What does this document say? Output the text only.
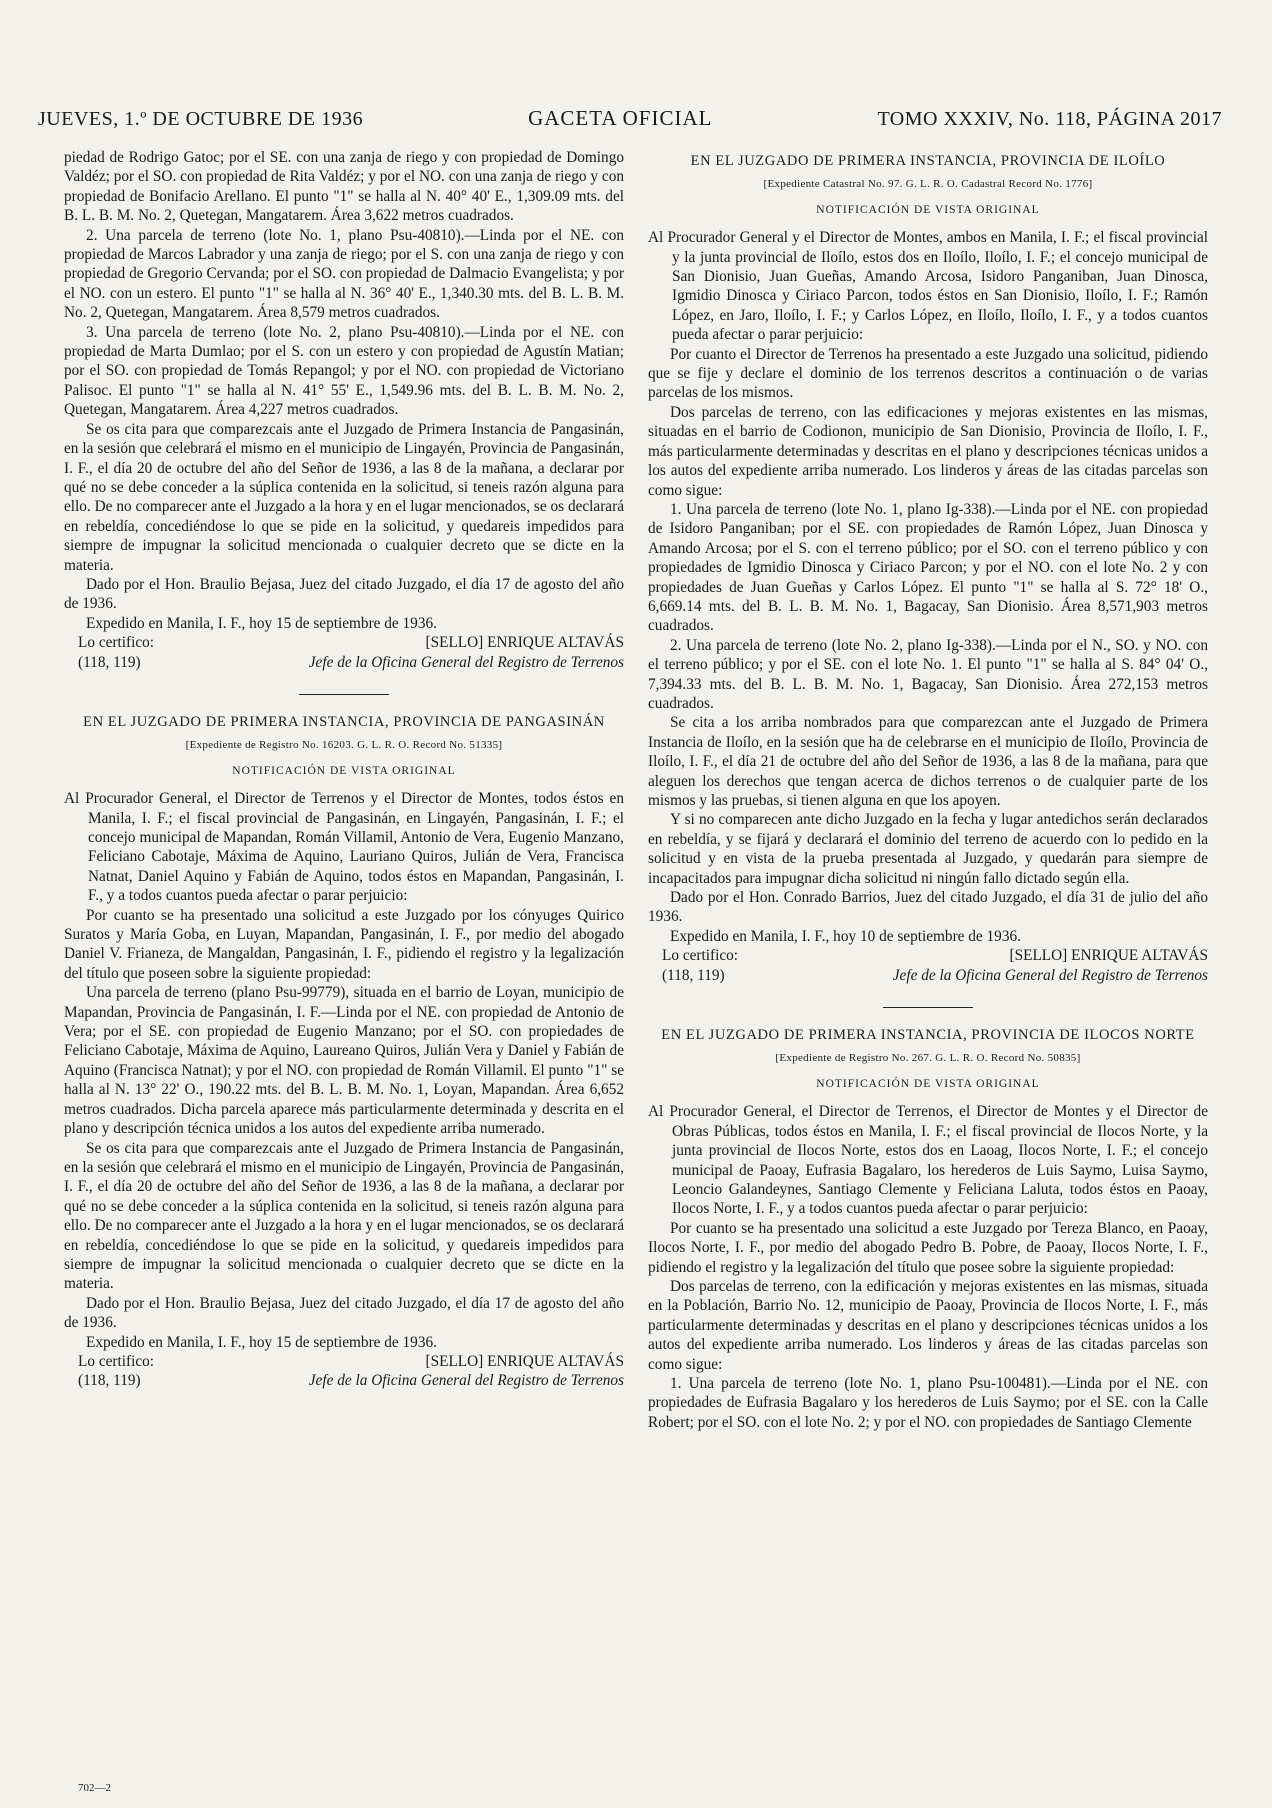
JUEVES, 1.º DE OCTUBRE DE 1936	GACETA OFICIAL	TOMO XXXIV, No. 118, PÁGINA 2017

piedad de Rodrigo Gatoc; por el SE. con una zanja de riego y con propiedad de Domingo Valdéz; por el SO. con propiedad de Rita Valdéz; y por el NO. con una zanja de riego y con propiedad de Bonifacio Arellano. El punto "1" se halla al N. 40° 40' E., 1,309.09 mts. del B. L. B. M. No. 2, Quetegan, Mangatarem. Área 3,622 metros cuadrados.

2. Una parcela de terreno (lote No. 1, plano Psu-40810).—Linda por el NE. con propiedad de Marcos Labrador y una zanja de riego; por el S. con una zanja de riego y con propiedad de Gregorio Cervanda; por el SO. con propiedad de Dalmacio Evangelista; y por el NO. con un estero. El punto "1" se halla al N. 36° 40' E., 1,340.30 mts. del B. L. B. M. No. 2, Quetegan, Mangatarem. Área 8,579 metros cuadrados.

3. Una parcela de terreno (lote No. 2, plano Psu-40810).—Linda por el NE. con propiedad de Marta Dumlao; por el S. con un estero y con propiedad de Agustín Matian; por el SO. con propiedad de Tomás Repangol; y por el NO. con propiedad de Victoriano Palisoc. El punto "1" se halla al N. 41° 55' E., 1,549.96 mts. del B. L. B. M. No. 2, Quetegan, Mangatarem. Área 4,227 metros cuadrados.

Se os cita para que comparezcais ante el Juzgado de Primera Instancia de Pangasinán, en la sesión que celebrará el mismo en el municipio de Lingayén, Provincia de Pangasinán, I. F., el día 20 de octubre del año del Señor de 1936, a las 8 de la mañana, a declarar por qué no se debe conceder a la súplica contenida en la solicitud, si teneis razón alguna para ello. De no comparecer ante el Juzgado a la hora y en el lugar mencionados, se os declarará en rebeldía, concediéndose lo que se pide en la solicitud, y quedareis impedidos para siempre de impugnar la solicitud mencionada o cualquier decreto que se dicte en la materia.

Dado por el Hon. Braulio Bejasa, Juez del citado Juzgado, el día 17 de agosto del año de 1936.

Expedido en Manila, I. F., hoy 15 de septiembre de 1936.

Lo certifico:	[SELLO] ENRIQUE ALTAVÁS
(118, 119)	Jefe de la Oficina General del Registro de Terrenos
EN EL JUZGADO DE PRIMERA INSTANCIA, PROVINCIA DE PANGASINÁN
[Expediente de Registro No. 16203. G. L. R. O. Record No. 51335]
NOTIFICACIÓN DE VISTA ORIGINAL

Al Procurador General, el Director de Terrenos y el Director de Montes, todos éstos en Manila, I. F.; el fiscal provincial de Pangasinán, en Lingayén, Pangasinán, I. F.; el concejo municipal de Mapandan, Román Villamil, Antonio de Vera, Eugenio Manzano, Feliciano Cabotaje, Máxima de Aquino, Lauriano Quiros, Julián de Vera, Francisca Natnat, Daniel Aquino y Fabián de Aquino, todos éstos en Mapandan, Pangasinán, I. F., y a todos cuantos pueda afectar o parar perjuicio:

Por cuanto se ha presentado una solicitud a este Juzgado por los cónyuges Quirico Suratos y María Goba, en Luyan, Mapandan, Pangasinán, I. F., por medio del abogado Daniel V. Frianeza, de Mangaldan, Pangasinán, I. F., pidiendo el registro y la legalización del título que poseen sobre la siguiente propiedad:

Una parcela de terreno (plano Psu-99779), situada en el barrio de Loyan, municipio de Mapandan, Provincia de Pangasinán, I. F.—Linda por el NE. con propiedad de Antonio de Vera; por el SE. con propiedad de Eugenio Manzano; por el SO. con propiedades de Feliciano Cabotaje, Máxima de Aquino, Laureano Quiros, Julián Vera y Daniel y Fabián de Aquino (Francisca Natnat); y por el NO. con propiedad de Román Villamil. El punto "1" se halla al N. 13° 22' O., 190.22 mts. del B. L. B. M. No. 1, Loyan, Mapandan. Área 6,652 metros cuadrados. Dicha parcela aparece más particularmente determinada y descrita en el plano y descripción técnica unidos a los autos del expediente arriba numerado.

Se os cita para que comparezcais ante el Juzgado de Primera Instancia de Pangasinán, en la sesión que celebrará el mismo en el municipio de Lingayén, Provincia de Pangasinán, I. F., el día 20 de octubre del año del Señor de 1936, a las 8 de la mañana, a declarar por qué no se debe conceder a la súplica contenida en la solicitud, si teneis razón alguna para ello. De no comparecer ante el Juzgado a la hora y en el lugar mencionados, se os declarará en rebeldía, concediéndose lo que se pide en la solicitud, y quedareis impedidos para siempre de impugnar la solicitud mencionada o cualquier decreto que se dicte en la materia.

Dado por el Hon. Braulio Bejasa, Juez del citado Juzgado, el día 17 de agosto del año de 1936.

Expedido en Manila, I. F., hoy 15 de septiembre de 1936.

Lo certifico:	[SELLO] ENRIQUE ALTAVÁS
(118, 119)	Jefe de la Oficina General del Registro de Terrenos
EN EL JUZGADO DE PRIMERA INSTANCIA, PROVINCIA DE ILOÍLO
[Expediente Catastral No. 97. G. L. R. O. Cadastral Record No. 1776]
NOTIFICACIÓN DE VISTA ORIGINAL

Al Procurador General y el Director de Montes, ambos en Manila, I. F.; el fiscal provincial y la junta provincial de Iloílo, estos dos en Iloílo, Iloílo, I. F.; el concejo municipal de San Dionisio, Juan Gueñas, Amando Arcosa, Isidoro Panganiban, Juan Dinosca, Igmidio Dinosca y Ciriaco Parcon, todos éstos en San Dionisio, Iloílo, I. F.; Ramón López, en Jaro, Iloílo, I. F.; y Carlos López, en Iloílo, Iloílo, I. F., y a todos cuantos pueda afectar o parar perjuicio:

Por cuanto el Director de Terrenos ha presentado a este Juzgado una solicitud, pidiendo que se fije y declare el dominio de los terrenos descritos a continuación o de varias parcelas de los mismos.

Dos parcelas de terreno, con las edificaciones y mejoras existentes en las mismas, situadas en el barrio de Codionon, municipio de San Dionisio, Provincia de Iloílo, I. F., más particularmente determinadas y descritas en el plano y descripciones técnicas unidos a los autos del expediente arriba numerado. Los linderos y áreas de las citadas parcelas son como sigue:

1. Una parcela de terreno (lote No. 1, plano Ig-338).—Linda por el NE. con propiedad de Isidoro Panganiban; por el SE. con propiedades de Ramón López, Juan Dinosca y Amando Arcosa; por el S. con el terreno público; por el SO. con el terreno público y con propiedades de Igmidio Dinosca y Ciriaco Parcon; y por el NO. con el lote No. 2 y con propiedades de Juan Gueñas y Carlos López. El punto "1" se halla al S. 72° 18' O., 6,669.14 mts. del B. L. B. M. No. 1, Bagacay, San Dionisio. Área 8,571,903 metros cuadrados.

2. Una parcela de terreno (lote No. 2, plano Ig-338).—Linda por el N., SO. y NO. con el terreno público; y por el SE. con el lote No. 1. El punto "1" se halla al S. 84° 04' O., 7,394.33 mts. del B. L. B. M. No. 1, Bagacay, San Dionisio. Área 272,153 metros cuadrados.

Se cita a los arriba nombrados para que comparezcan ante el Juzgado de Primera Instancia de Iloílo, en la sesión que ha de celebrarse en el municipio de Iloílo, Provincia de Iloílo, I. F., el día 21 de octubre del año del Señor de 1936, a las 8 de la mañana, para que aleguen los derechos que tengan acerca de dichos terrenos o de cualquier parte de los mismos y las pruebas, si tienen alguna en que los apoyen.

Y si no comparecen ante dicho Juzgado en la fecha y lugar antedichos serán declarados en rebeldía, y se fijará y declarará el dominio del terreno de acuerdo con lo pedido en la solicitud y en vista de la prueba presentada al Juzgado, y quedarán para siempre de incapacitados para impugnar dicha solicitud ni ningún fallo dictado según ella.

Dado por el Hon. Conrado Barrios, Juez del citado Juzgado, el día 31 de julio del año 1936.

Expedido en Manila, I. F., hoy 10 de septiembre de 1936.

Lo certifico:	[SELLO] ENRIQUE ALTAVÁS
(118, 119)	Jefe de la Oficina General del Registro de Terrenos
EN EL JUZGADO DE PRIMERA INSTANCIA, PROVINCIA DE ILOCOS NORTE
[Expediente de Registro No. 267. G. L. R. O. Record No. 50835]
NOTIFICACIÓN DE VISTA ORIGINAL

Al Procurador General, el Director de Terrenos, el Director de Montes y el Director de Obras Públicas, todos éstos en Manila, I. F.; el fiscal provincial de Ilocos Norte, y la junta provincial de Ilocos Norte, estos dos en Laoag, Ilocos Norte, I. F.; el concejo municipal de Paoay, Eufrasia Bagalaro, los herederos de Luis Saymo, Luisa Saymo, Leoncio Galandeynes, Santiago Clemente y Feliciana Laluta, todos éstos en Paoay, Ilocos Norte, I. F., y a todos cuantos pueda afectar o parar perjuicio:

Por cuanto se ha presentado una solicitud a este Juzgado por Tereza Blanco, en Paoay, Ilocos Norte, I. F., por medio del abogado Pedro B. Pobre, de Paoay, Ilocos Norte, I. F., pidiendo el registro y la legalización del título que posee sobre la siguiente propiedad:

Dos parcelas de terreno, con la edificación y mejoras existentes en las mismas, situada en la Población, Barrio No. 12, municipio de Paoay, Provincia de Ilocos Norte, I. F., más particularmente determinadas y descritas en el plano y descripciones técnicas unidos a los autos del expediente arriba numerado. Los linderos y áreas de las citadas parcelas son como sigue:

1. Una parcela de terreno (lote No. 1, plano Psu-100481).—Linda por el NE. con propiedades de Eufrasia Bagalaro y los herederos de Luis Saymo; por el SE. con la Calle Robert; por el SO. con el lote No. 2; y por el NO. con propiedades de Santiago Clemente

702—2
